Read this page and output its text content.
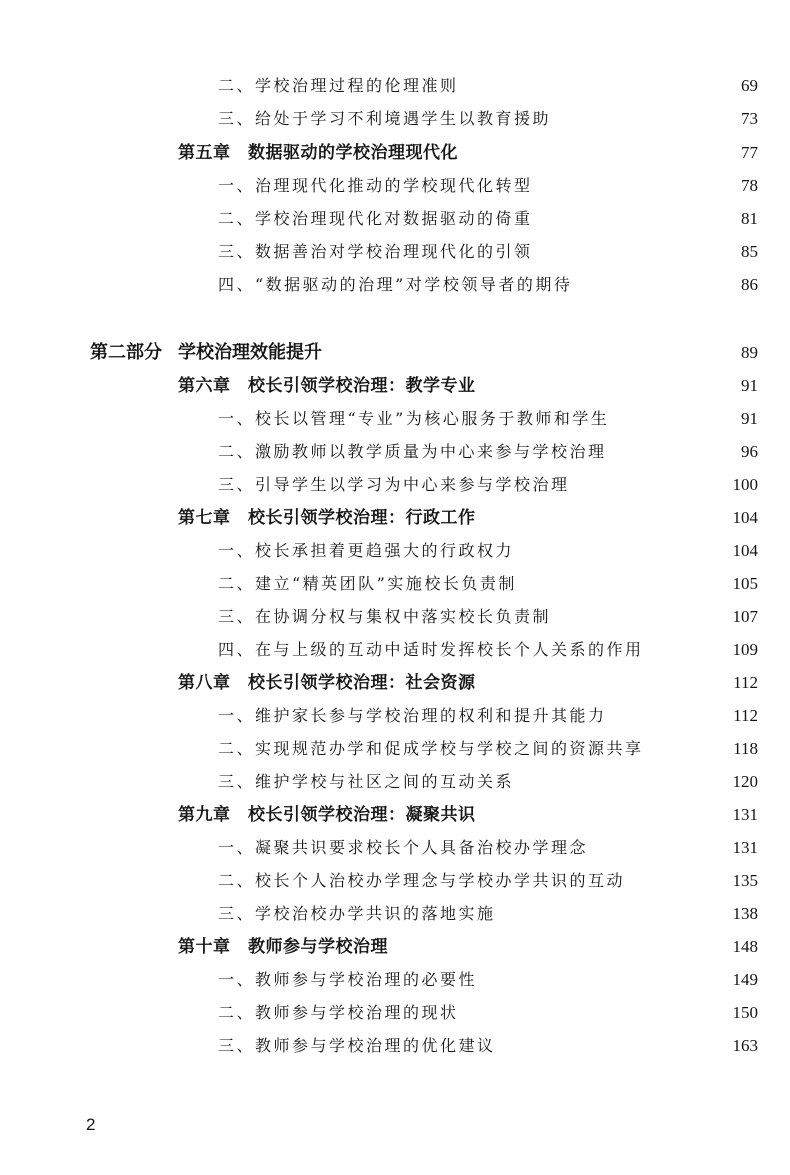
二、学校治理过程的伦理准则	69
三、给处于学习不利境遇学生以教育援助	73
第五章　数据驱动的学校治理现代化	77
一、治理现代化推动的学校现代化转型	78
二、学校治理现代化对数据驱动的倚重	81
三、数据善治对学校治理现代化的引领	85
四、“数据驱动的治理”对学校领导者的期待	86
第二部分 学校治理效能提升	89
第六章　校长引领学校治理：教学专业	91
一、校长以管理“专业”为核心服务于教师和学生	91
二、激励教师以教学质量为中心来参与学校治理	96
三、引导学生以学习为中心来参与学校治理	100
第七章　校长引领学校治理：行政工作	104
一、校长承担着更趋强大的行政权力	104
二、建立“精英团队”实施校长负责制	105
三、在协调分权与集权中落实校长负责制	107
四、在与上级的互动中适时发挥校长个人关系的作用	109
第八章　校长引领学校治理：社会资源	112
一、维护家长参与学校治理的权利和提升其能力	112
二、实现规范办学和促成学校与学校之间的资源共享	118
三、维护学校与社区之间的互动关系	120
第九章　校长引领学校治理：凝聚共识	131
一、凝聚共识要求校长个人具备治校办学理念	131
二、校长个人治校办学理念与学校办学共识的互动	135
三、学校治校办学共识的落地实施	138
第十章　教师参与学校治理	148
一、教师参与学校治理的必要性	149
二、教师参与学校治理的现状	150
三、教师参与学校治理的优化建议	163
2
